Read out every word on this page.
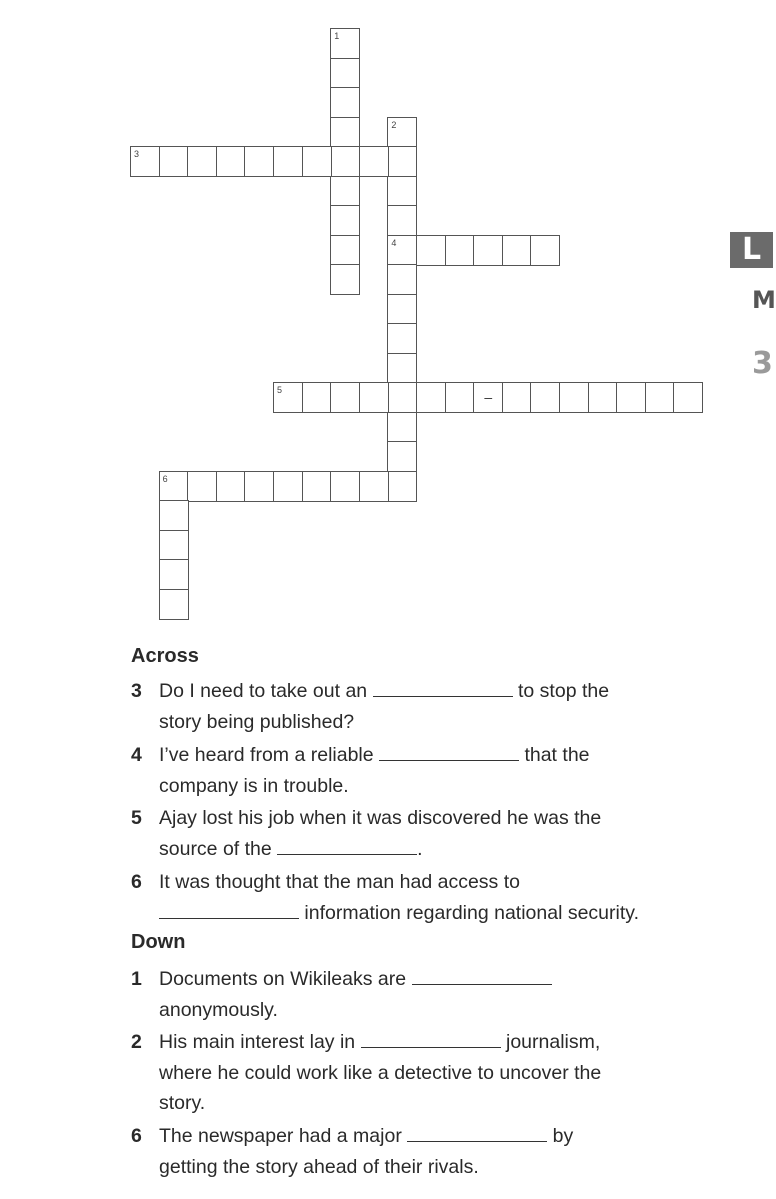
1
2
4
3
5	–
6
L
M
3
Across
3 Do I need to take out an	to stop the
story being published?
4 I’ve heard from a reliable	that the
company is in trouble.
5 Ajay lost his job when it was discovered he was the
source of the	.
6 It was thought that the man had access to
information regarding national security.
Down
1 Documents on Wikileaks are
anonymously.
2 His main interest lay in	journalism,
where he could work like a detective to uncover the
story.
6 The newspaper had a major	by
getting the story ahead of their rivals.
